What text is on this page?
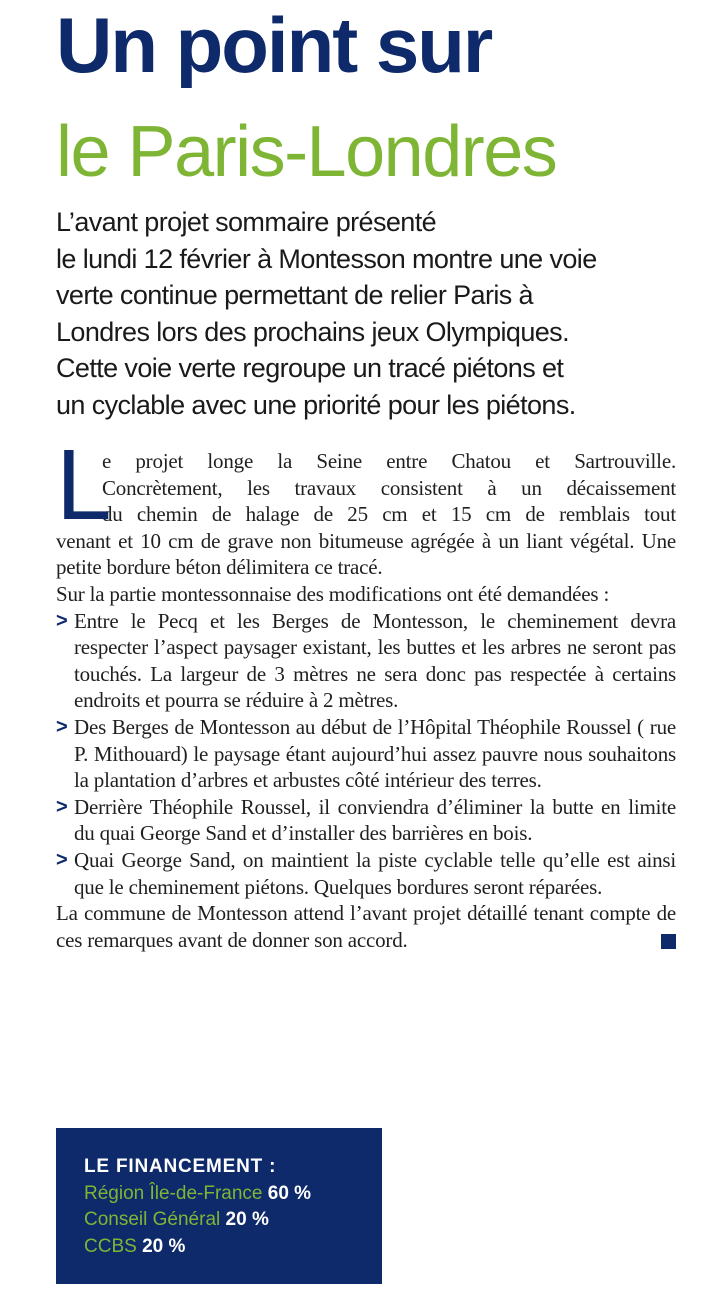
Un point sur
le Paris-Londres
L’avant projet sommaire présenté
le lundi 12 février à Montesson montre une voie
verte continue permettant de relier Paris à
Londres lors des prochains jeux Olympiques.
Cette voie verte regroupe un tracé piétons et
un cyclable avec une priorité pour les piétons.
L
e projet longe la Seine entre Chatou et Sartrouville.
Concrètement, les travaux consistent à un décaissement
du chemin de halage de 25 cm et 15 cm de remblais tout

venant et 10 cm de grave non bitumeuse agrégée à un liant végétal. Une petite bordure béton délimitera ce tracé.

Sur la partie montessonnaise des modifications ont été demandées :

> Entre le Pecq et les Berges de Montesson, le cheminement devra respecter l’aspect paysager existant, les buttes et les arbres ne seront pas touchés. La largeur de 3 mètres ne sera donc pas respectée à certains endroits et pourra se réduire à 2 mètres.
> Des Berges de Montesson au début de l’Hôpital Théophile Roussel ( rue P. Mithouard) le paysage étant aujourd’hui assez pauvre nous souhaitons la plantation d’arbres et arbustes côté intérieur des terres.
> Derrière Théophile Roussel, il conviendra d’éliminer la butte en limite du quai George Sand et d’installer des barrières en bois.
> Quai George Sand, on maintient la piste cyclable telle qu’elle est ainsi que le cheminement piétons. Quelques bordures seront réparées.

La commune de Montesson attend l’avant projet détaillé tenant compte de ces remarques avant de donner son accord.

LE FINANCEMENT :
Région Île-de-France 60 %
Conseil Général 20 %
CCBS 20 %
